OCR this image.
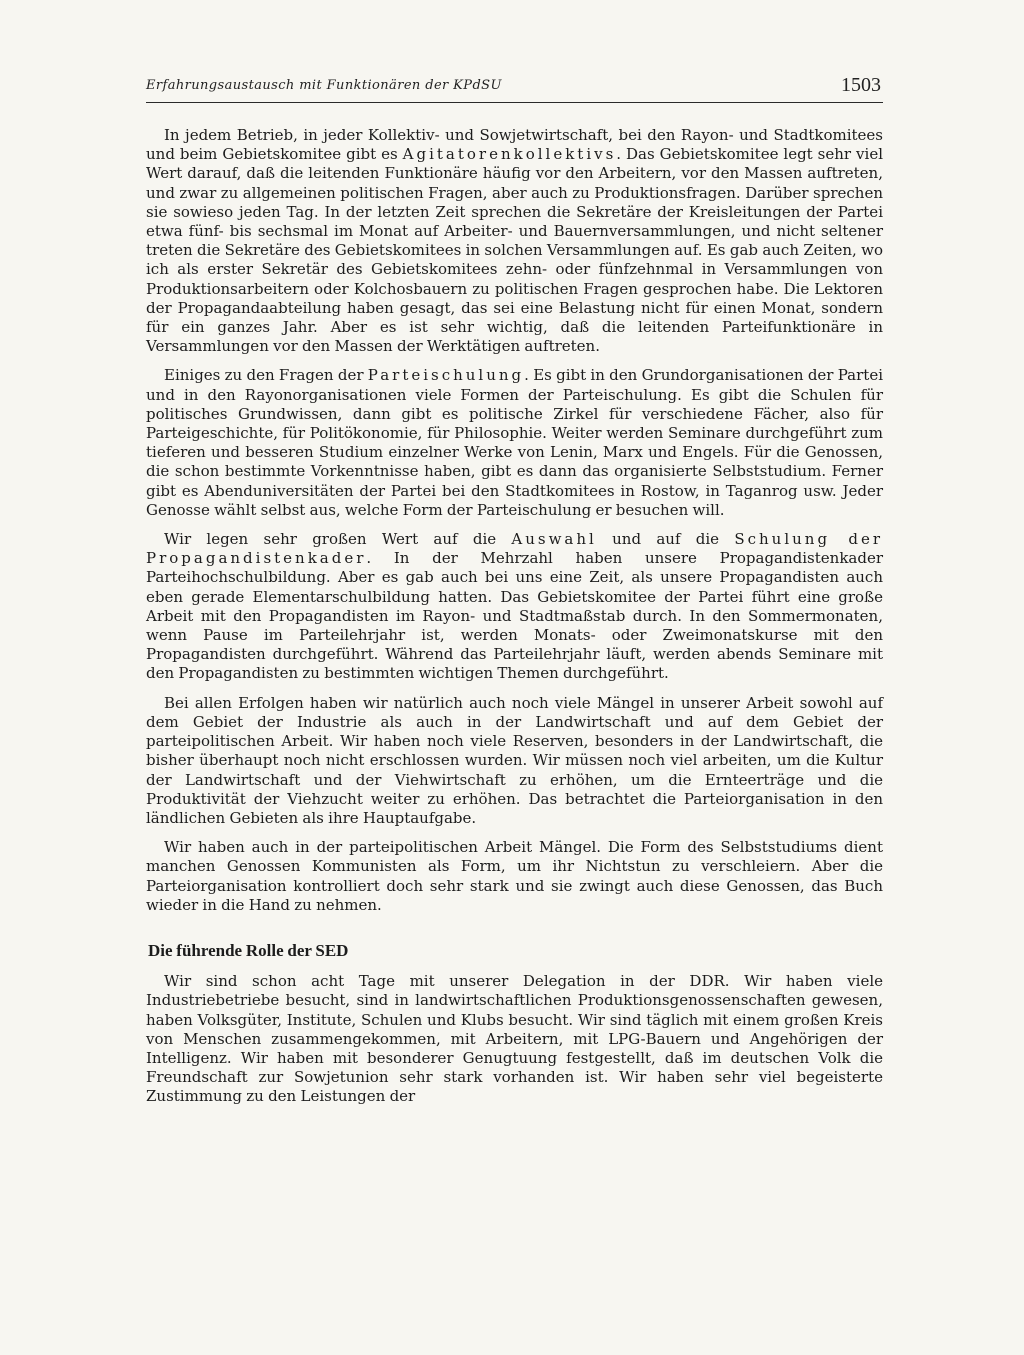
Erfahrungsaustausch mit Funktionären der KPdSU	1503

In jedem Betrieb, in jeder Kollektiv- und Sowjetwirtschaft, bei den Rayon- und Stadtkomitees und beim Gebietskomitee gibt es Agitatorenkollektivs. Das Gebietskomitee legt sehr viel Wert darauf, daß die leitenden Funktionäre häufig vor den Arbeitern, vor den Massen auftreten, und zwar zu allgemeinen politischen Fragen, aber auch zu Produktionsfragen. Darüber sprechen sie sowieso jeden Tag. In der letzten Zeit sprechen die Sekretäre der Kreisleitungen der Partei etwa fünf- bis sechsmal im Monat auf Arbeiter- und Bauernversammlungen, und nicht seltener treten die Sekretäre des Gebietskomitees in solchen Versammlungen auf. Es gab auch Zeiten, wo ich als erster Sekretär des Gebietskomitees zehn- oder fünfzehnmal in Versammlungen von Produktionsarbeitern oder Kolchosbauern zu politischen Fragen gesprochen habe. Die Lektoren der Propagandaabteilung haben gesagt, das sei eine Belastung nicht für einen Monat, sondern für ein ganzes Jahr. Aber es ist sehr wichtig, daß die leitenden Parteifunktionäre in Versammlungen vor den Massen der Werktätigen auftreten.

Einiges zu den Fragen der Parteischulung. Es gibt in den Grundorganisationen der Partei und in den Rayonorganisationen viele Formen der Parteischulung. Es gibt die Schulen für politisches Grundwissen, dann gibt es politische Zirkel für verschiedene Fächer, also für Parteigeschichte, für Politökonomie, für Philosophie. Weiter werden Seminare durchgeführt zum tieferen und besseren Studium einzelner Werke von Lenin, Marx und Engels. Für die Genossen, die schon bestimmte Vorkenntnisse haben, gibt es dann das organisierte Selbststudium. Ferner gibt es Abenduniversitäten der Partei bei den Stadtkomitees in Rostow, in Taganrog usw. Jeder Genosse wählt selbst aus, welche Form der Parteischulung er besuchen will.

Wir legen sehr großen Wert auf die Auswahl und auf die Schulung der Propagandistenkader. In der Mehrzahl haben unsere Propagandistenkader Parteihochschulbildung. Aber es gab auch bei uns eine Zeit, als unsere Propagandisten auch eben gerade Elementarschulbildung hatten. Das Gebietskomitee der Partei führt eine große Arbeit mit den Propagandisten im Rayon- und Stadtmaßstab durch. In den Sommermonaten, wenn Pause im Parteilehrjahr ist, werden Monats- oder Zweimonatskurse mit den Propagandisten durchgeführt. Während das Parteilehrjahr läuft, werden abends Seminare mit den Propagandisten zu bestimmten wichtigen Themen durchgeführt.

Bei allen Erfolgen haben wir natürlich auch noch viele Mängel in unserer Arbeit sowohl auf dem Gebiet der Industrie als auch in der Landwirtschaft und auf dem Gebiet der parteipolitischen Arbeit. Wir haben noch viele Reserven, besonders in der Landwirtschaft, die bisher überhaupt noch nicht erschlossen wurden. Wir müssen noch viel arbeiten, um die Kultur der Landwirtschaft und der Viehwirtschaft zu erhöhen, um die Ernteerträge und die Produktivität der Viehzucht weiter zu erhöhen. Das betrachtet die Parteiorganisation in den ländlichen Gebieten als ihre Hauptaufgabe.

Wir haben auch in der parteipolitischen Arbeit Mängel. Die Form des Selbststudiums dient manchen Genossen Kommunisten als Form, um ihr Nichtstun zu verschleiern. Aber die Parteiorganisation kontrolliert doch sehr stark und sie zwingt auch diese Genossen, das Buch wieder in die Hand zu nehmen.

Die führende Rolle der SED

Wir sind schon acht Tage mit unserer Delegation in der DDR. Wir haben viele Industriebetriebe besucht, sind in landwirtschaftlichen Produktionsgenossenschaften gewesen, haben Volksgüter, Institute, Schulen und Klubs besucht. Wir sind täglich mit einem großen Kreis von Menschen zusammengekommen, mit Arbeitern, mit LPG-Bauern und Angehörigen der Intelligenz. Wir haben mit besonderer Genugtuung festgestellt, daß im deutschen Volk die Freundschaft zur Sowjetunion sehr stark vorhanden ist. Wir haben sehr viel begeisterte Zustimmung zu den Leistungen der
